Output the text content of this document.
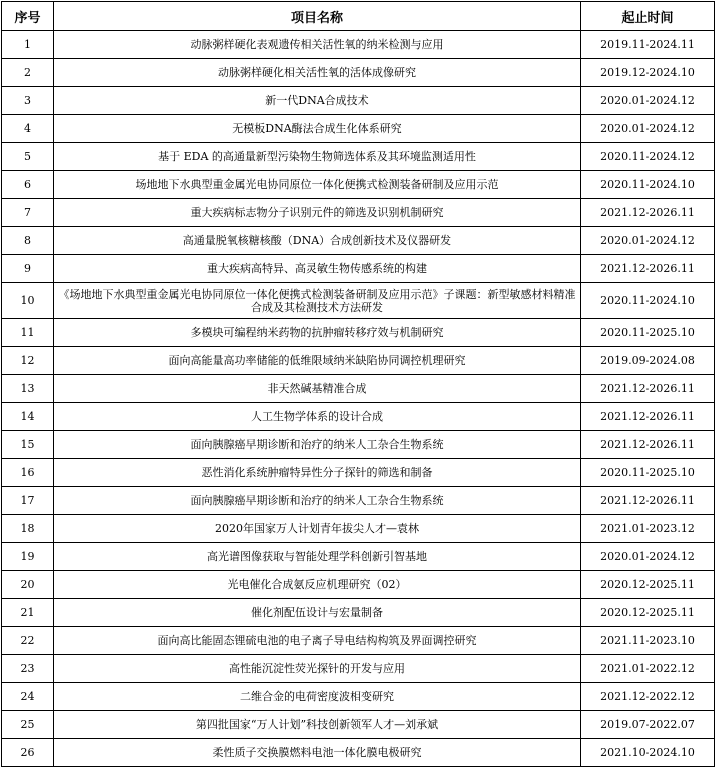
序号	项目名称	起止时间
1	动脉粥样硬化表观遗传相关活性氧的纳米检测与应用	2019.11-2024.11
2	动脉粥样硬化相关活性氧的活体成像研究	2019.12-2024.10
3	新一代DNA合成技术	2020.01-2024.12
4	无模板DNA酶法合成生化体系研究	2020.01-2024.12
5	基于 EDA 的高通量新型污染物生物筛选体系及其环境监测适用性	2020.11-2024.12
6	场地地下水典型重金属光电协同原位一体化便携式检测装备研制及应用示范	2020.11-2024.10
7	重大疾病标志物分子识别元件的筛选及识别机制研究	2021.12-2026.11
8	高通量脱氧核糖核酸（DNA）合成创新技术及仪器研发	2020.01-2024.12
9	重大疾病高特异、高灵敏生物传感系统的构建	2021.12-2026.11
10	《场地地下水典型重金属光电协同原位一体化便携式检测装备研制及应用示范》子课题：新型敏感材料精准合成及其检测技术方法研发	2020.11-2024.10
11	多模块可编程纳米药物的抗肿瘤转移疗效与机制研究	2020.11-2025.10
12	面向高能量高功率储能的低维限域纳米缺陷协同调控机理研究	2019.09-2024.08
13	非天然碱基精准合成	2021.12-2026.11
14	人工生物学体系的设计合成	2021.12-2026.11
15	面向胰腺癌早期诊断和治疗的纳米人工杂合生物系统	2021.12-2026.11
16	恶性消化系统肿瘤特异性分子探针的筛选和制备	2020.11-2025.10
17	面向胰腺癌早期诊断和治疗的纳米人工杂合生物系统	2021.12-2026.11
18	2020年国家万人计划青年拔尖人才—袁林	2021.01-2023.12
19	高光谱图像获取与智能处理学科创新引智基地	2020.01-2024.12
20	光电催化合成氨反应机理研究（02）	2020.12-2025.11
21	催化剂配伍设计与宏量制备	2020.12-2025.11
22	面向高比能固态锂硫电池的电子离子导电结构构筑及界面调控研究	2021.11-2023.10
23	高性能沉淀性荧光探针的开发与应用	2021.01-2022.12
24	二维合金的电荷密度波相变研究	2021.12-2022.12
25	第四批国家“万人计划”科技创新领军人才—刘承斌	2019.07-2022.07
26	柔性质子交换膜燃料电池一体化膜电极研究	2021.10-2024.10
